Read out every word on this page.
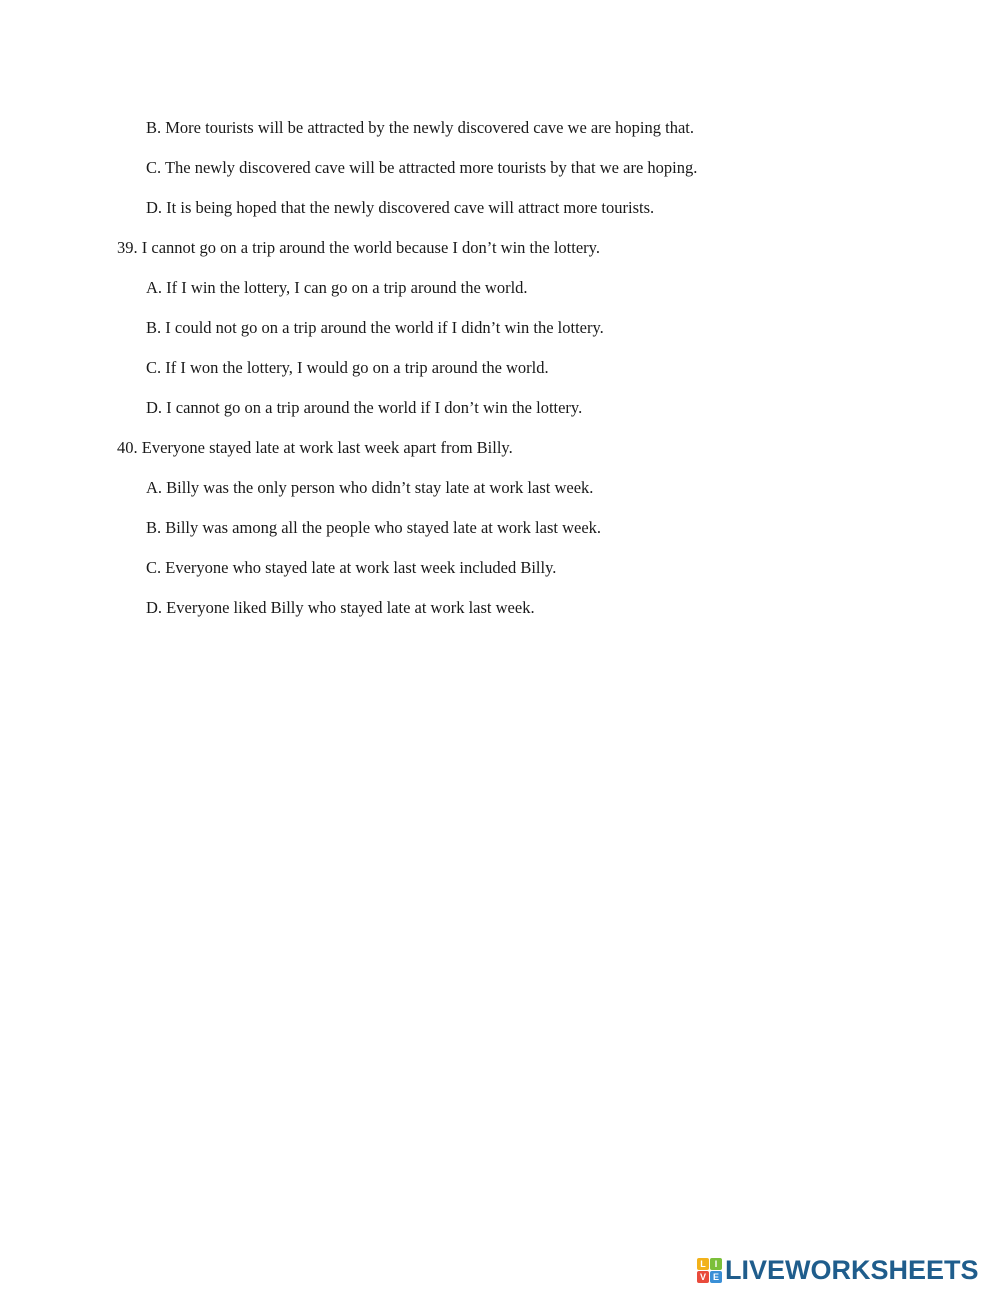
B. More tourists will be attracted by the newly discovered cave we are hoping that.
C. The newly discovered cave will be attracted more tourists by that we are hoping.
D. It is being hoped that the newly discovered cave will attract more tourists.
39. I cannot go on a trip around the world because I don’t win the lottery.
A. If I win the lottery, I can go on a trip around the world.
B. I could not go on a trip around the world if I didn’t win the lottery.
C. If I won the lottery, I would go on a trip around the world.
D. I cannot go on a trip around the world if I don’t win the lottery.
40. Everyone stayed late at work last week apart from Billy.
A. Billy was the only person who didn’t stay late at work last week.
B. Billy was among all the people who stayed late at work last week.
C. Everyone who stayed late at work last week included Billy.
D. Everyone liked Billy who stayed late at work last week.
L I
V E LIVEWORKSHEETS
